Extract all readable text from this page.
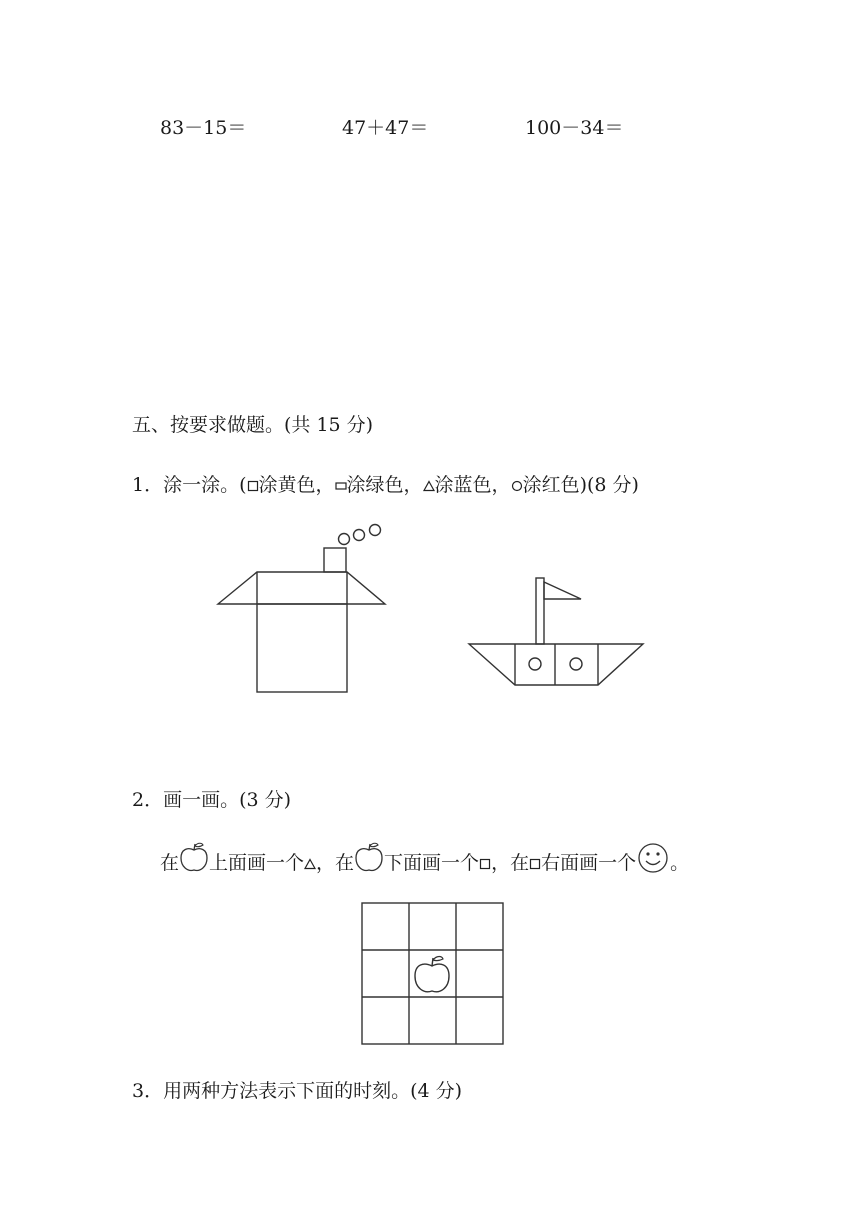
83－15＝	47＋47＝	100－34＝
五、按要求做题。(共 15 分)
1．涂一涂。( 涂黄色， 涂绿色， 涂蓝色， 涂红色)(8 分)
2．画一画。(3 分)
在 上面画一个 ，在 下面画一个 ，在 右面画一个 。
3．用两种方法表示下面的时刻。(4 分)
